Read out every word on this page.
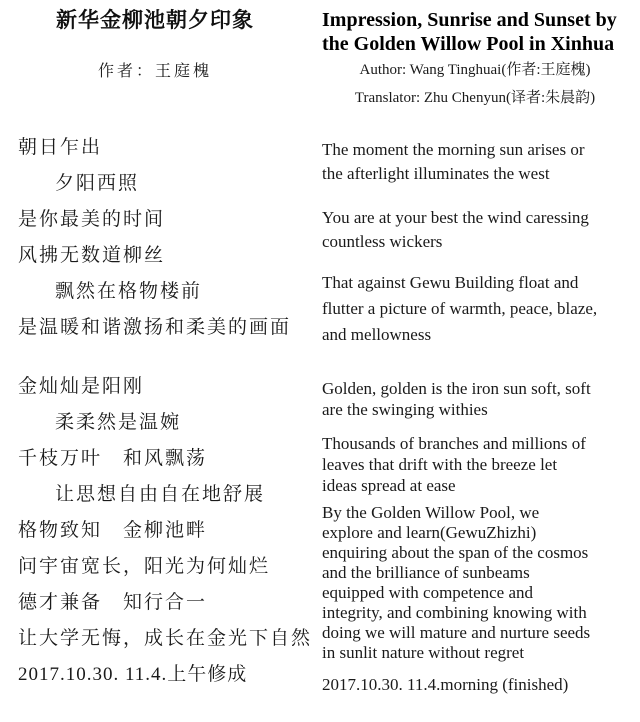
新华金柳池朝夕印象
作者：王庭槐
朝日乍出
夕阳西照
是你最美的时间
风拂无数道柳丝
飘然在格物楼前
是温暖和谐激扬和柔美的画面
金灿灿是阳刚
柔柔然是温婉
千枝万叶　和风飘荡
让思想自由自在地舒展
格物致知　金柳池畔
问宇宙宽长，阳光为何灿烂
德才兼备　知行合一
让大学无悔，成长在金光下自然
2017.10.30. 11.4.上午修成
Impression, Sunrise and Sunset by
the Golden Willow Pool in Xinhua
Author: Wang Tinghuai(作者:王庭槐)
Translator: Zhu Chenyun(译者:朱晨韵)
The moment the morning sun arises or
the afterlight illuminates the west
You are at your best the wind caressing
countless wickers
That against Gewu Building float and
flutter a picture of warmth, peace, blaze,
and mellowness
Golden, golden is the iron sun soft, soft
are the swinging withies
Thousands of branches and millions of
leaves that drift with the breeze let
ideas spread at ease
By the Golden Willow Pool, we
explore and learn(GewuZhizhi)
enquiring about the span of the cosmos
and the brilliance of sunbeams
equipped with competence and
integrity, and combining knowing with
doing we will mature and nurture seeds
in sunlit nature without regret
2017.10.30. 11.4.morning (finished)
